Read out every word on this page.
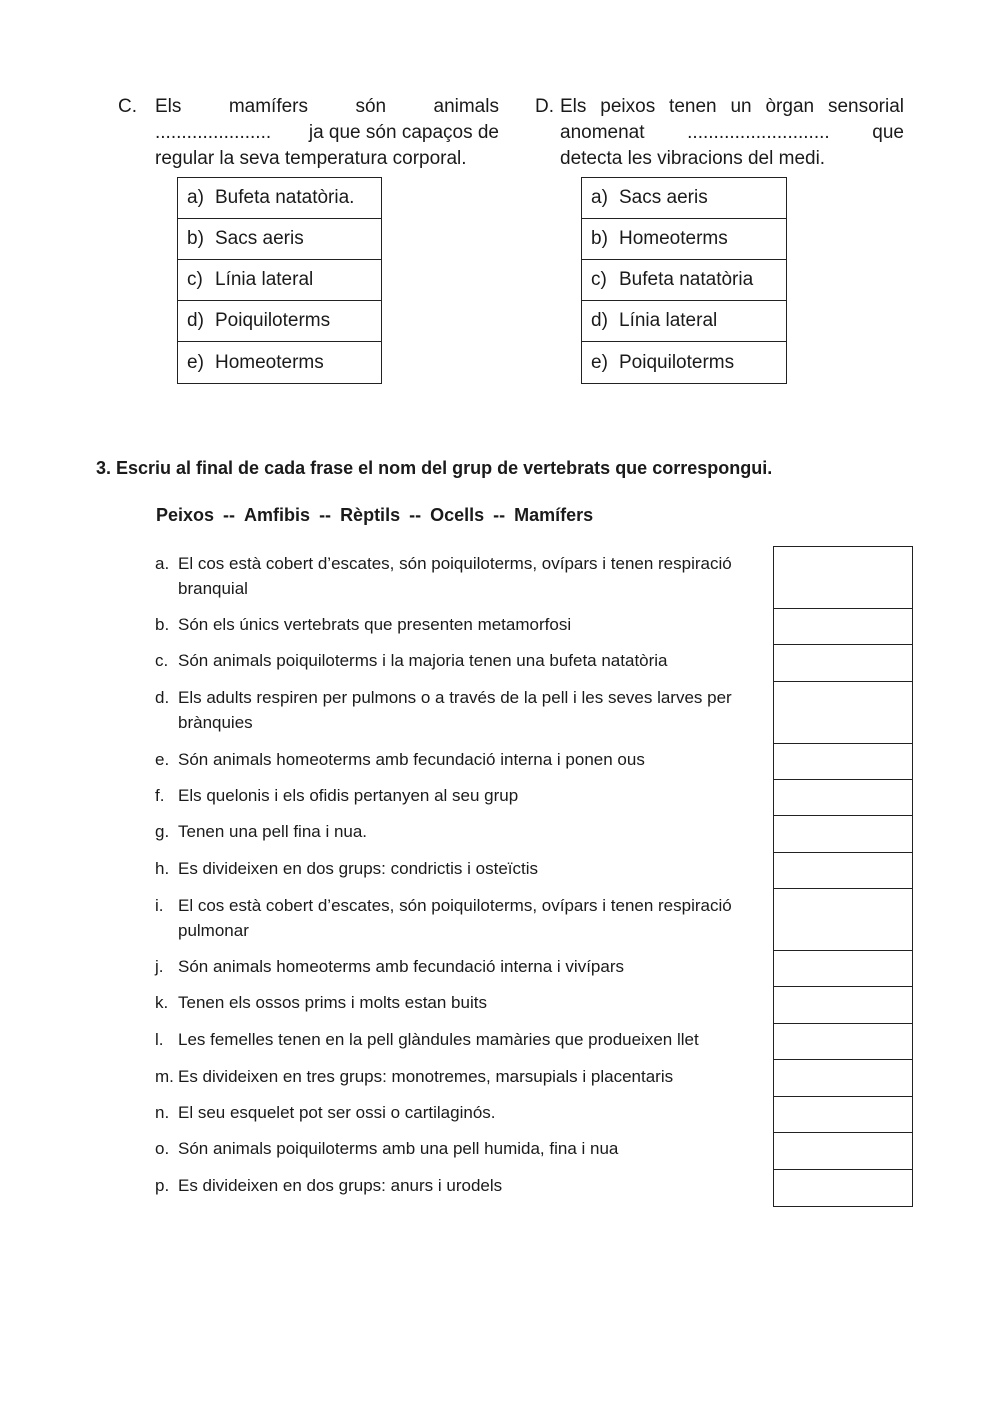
C. Els mamífers són animals
...................... ja que són capaços de
regular la seva temperatura corporal.
a) Bufeta natatòria.
b) Sacs aeris
c) Línia lateral
d) Poiquiloterms
e) Homeoterms
D. Els peixos tenen un òrgan sensorial
anomenat ........................... que
detecta les vibracions del medi.
a) Sacs aeris
b) Homeoterms
c) Bufeta natatòria
d) Línia lateral
e) Poiquiloterms
3. Escriu al final de cada frase el nom del grup de vertebrats que correspongui.
Peixos -- Amfibis -- Rèptils -- Ocells -- Mamífers
a. El cos està cobert d’escates, són poiquiloterms, ovípars i tenen respiració branquial
b. Són els únics vertebrats que presenten metamorfosi
c. Són animals poiquiloterms i la majoria tenen una bufeta natatòria
d. Els adults respiren per pulmons o a través de la pell i les seves larves per brànquies
e. Són animals homeoterms amb fecundació interna i ponen ous
f. Els quelonis i els ofidis pertanyen al seu grup
g. Tenen una pell fina i nua.
h. Es divideixen en dos grups: condrictis i osteïctis
i. El cos està cobert d’escates, són poiquiloterms, ovípars i tenen respiració pulmonar
j. Són animals homeoterms amb fecundació interna i vivípars
k. Tenen els ossos prims i molts estan buits
l. Les femelles tenen en la pell glàndules mamàries que produeixen llet
m. Es divideixen en tres grups: monotremes, marsupials i placentaris
n. El seu esquelet pot ser ossi o cartilaginós.
o. Són animals poiquiloterms amb una pell humida, fina i nua
p. Es divideixen en dos grups: anurs i urodels
